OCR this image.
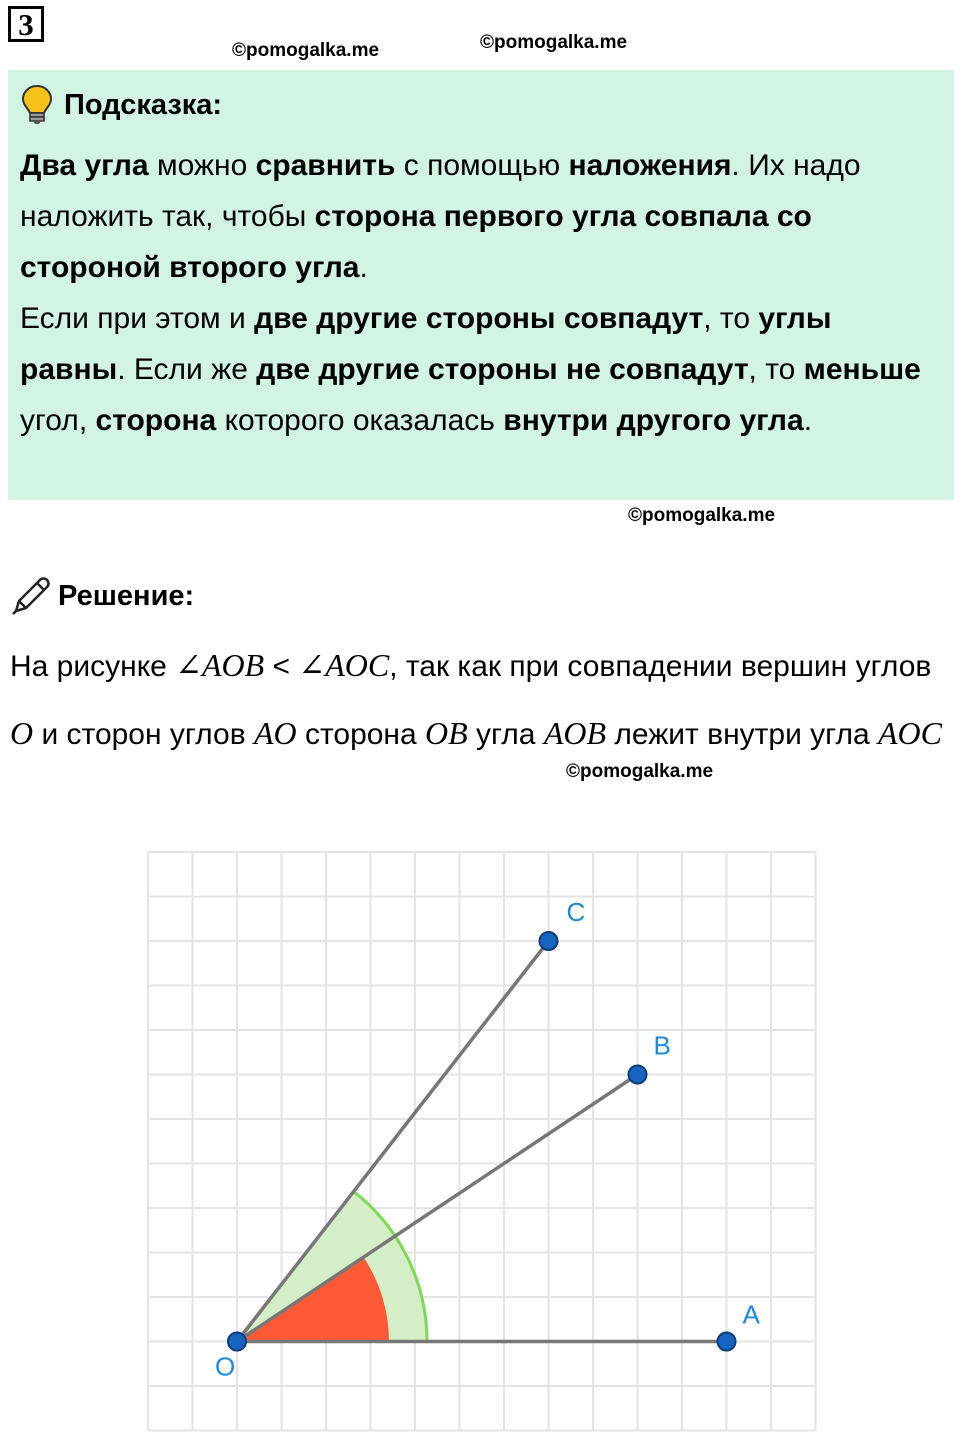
3
©pomogalka.me	©pomogalka.me
Подсказка:
Два угла можно сравнить с помощью наложения. Их надо наложить так, чтобы сторона первого угла совпала со стороной второго угла.
Если при этом и две другие стороны совпадут, то углы равны. Если же две другие стороны не совпадут, то меньше угол, сторона которого оказалась внутри другого угла.
©pomogalka.me
Решение:
На рисунке ∠AOB < ∠AOC, так как при совпадении вершин углов O и сторон углов AO сторона OB угла AOB лежит внутри угла AOC
©pomogalka.me
O
A
B
C
